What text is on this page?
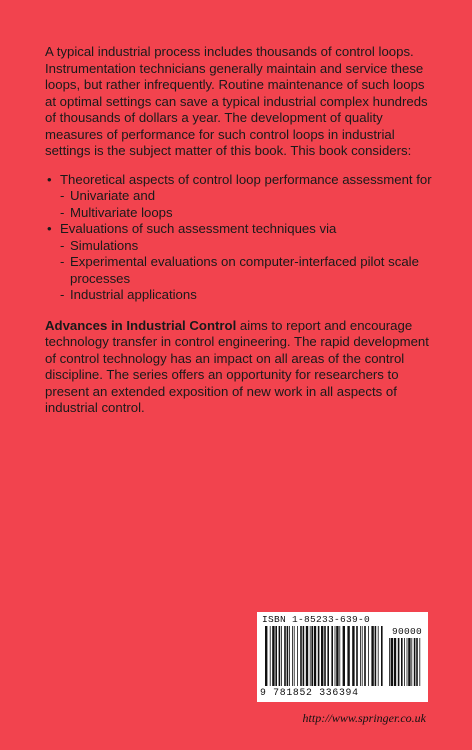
A typical industrial process includes thousands of control loops. Instrumentation technicians generally maintain and service these loops, but rather infrequently. Routine maintenance of such loops at optimal settings can save a typical industrial complex hundreds of thousands of dollars a year. The development of quality measures of performance for such control loops in industrial settings is the subject matter of this book. This book considers:

• Theoretical aspects of control loop performance assessment for
- Univariate and
- Multivariate loops
• Evaluations of such assessment techniques via
- Simulations
- Experimental evaluations on computer-interfaced pilot scale processes
- Industrial applications

Advances in Industrial Control aims to report and encourage technology transfer in control engineering. The rapid development of control technology has an impact on all areas of the control discipline. The series offers an opportunity for researchers to present an extended exposition of new work in all aspects of industrial control.

ISBN 1-85233-639-0
90000
9 781852 336394
http://www.springer.co.uk
